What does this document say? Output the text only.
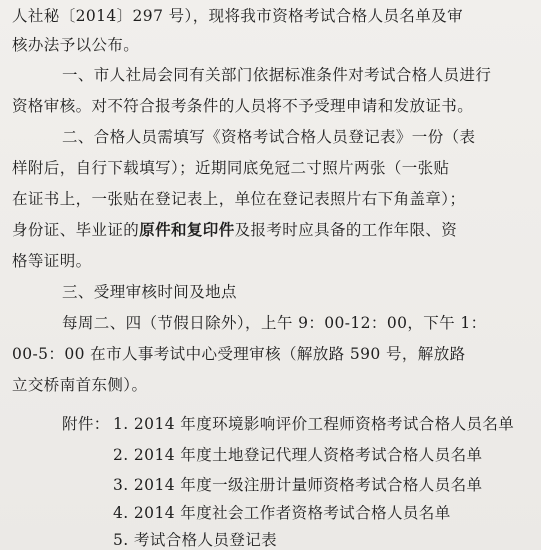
人社秘〔2014〕297 号），现将我市资格考试合格人员名单及审
核办法予以公布。
一、市人社局会同有关部门依据标准条件对考试合格人员进行
资格审核。对不符合报考条件的人员将不予受理申请和发放证书。
二、合格人员需填写《资格考试合格人员登记表》一份（表
样附后，自行下载填写）；近期同底免冠二寸照片两张（一张贴
在证书上，一张贴在登记表上，单位在登记表照片右下角盖章）；
身份证、毕业证的原件和复印件及报考时应具备的工作年限、资
格等证明。
三、受理审核时间及地点
每周二、四（节假日除外），上午 9：00-12：00，下午 1：
00-5：00 在市人事考试中心受理审核（解放路 590 号，解放路
立交桥南首东侧）。
附件： 1. 2014 年度环境影响评价工程师资格考试合格人员名单
2. 2014 年度土地登记代理人资格考试合格人员名单
3. 2014 年度一级注册计量师资格考试合格人员名单
4. 2014 年度社会工作者资格考试合格人员名单
5. 考试合格人员登记表
